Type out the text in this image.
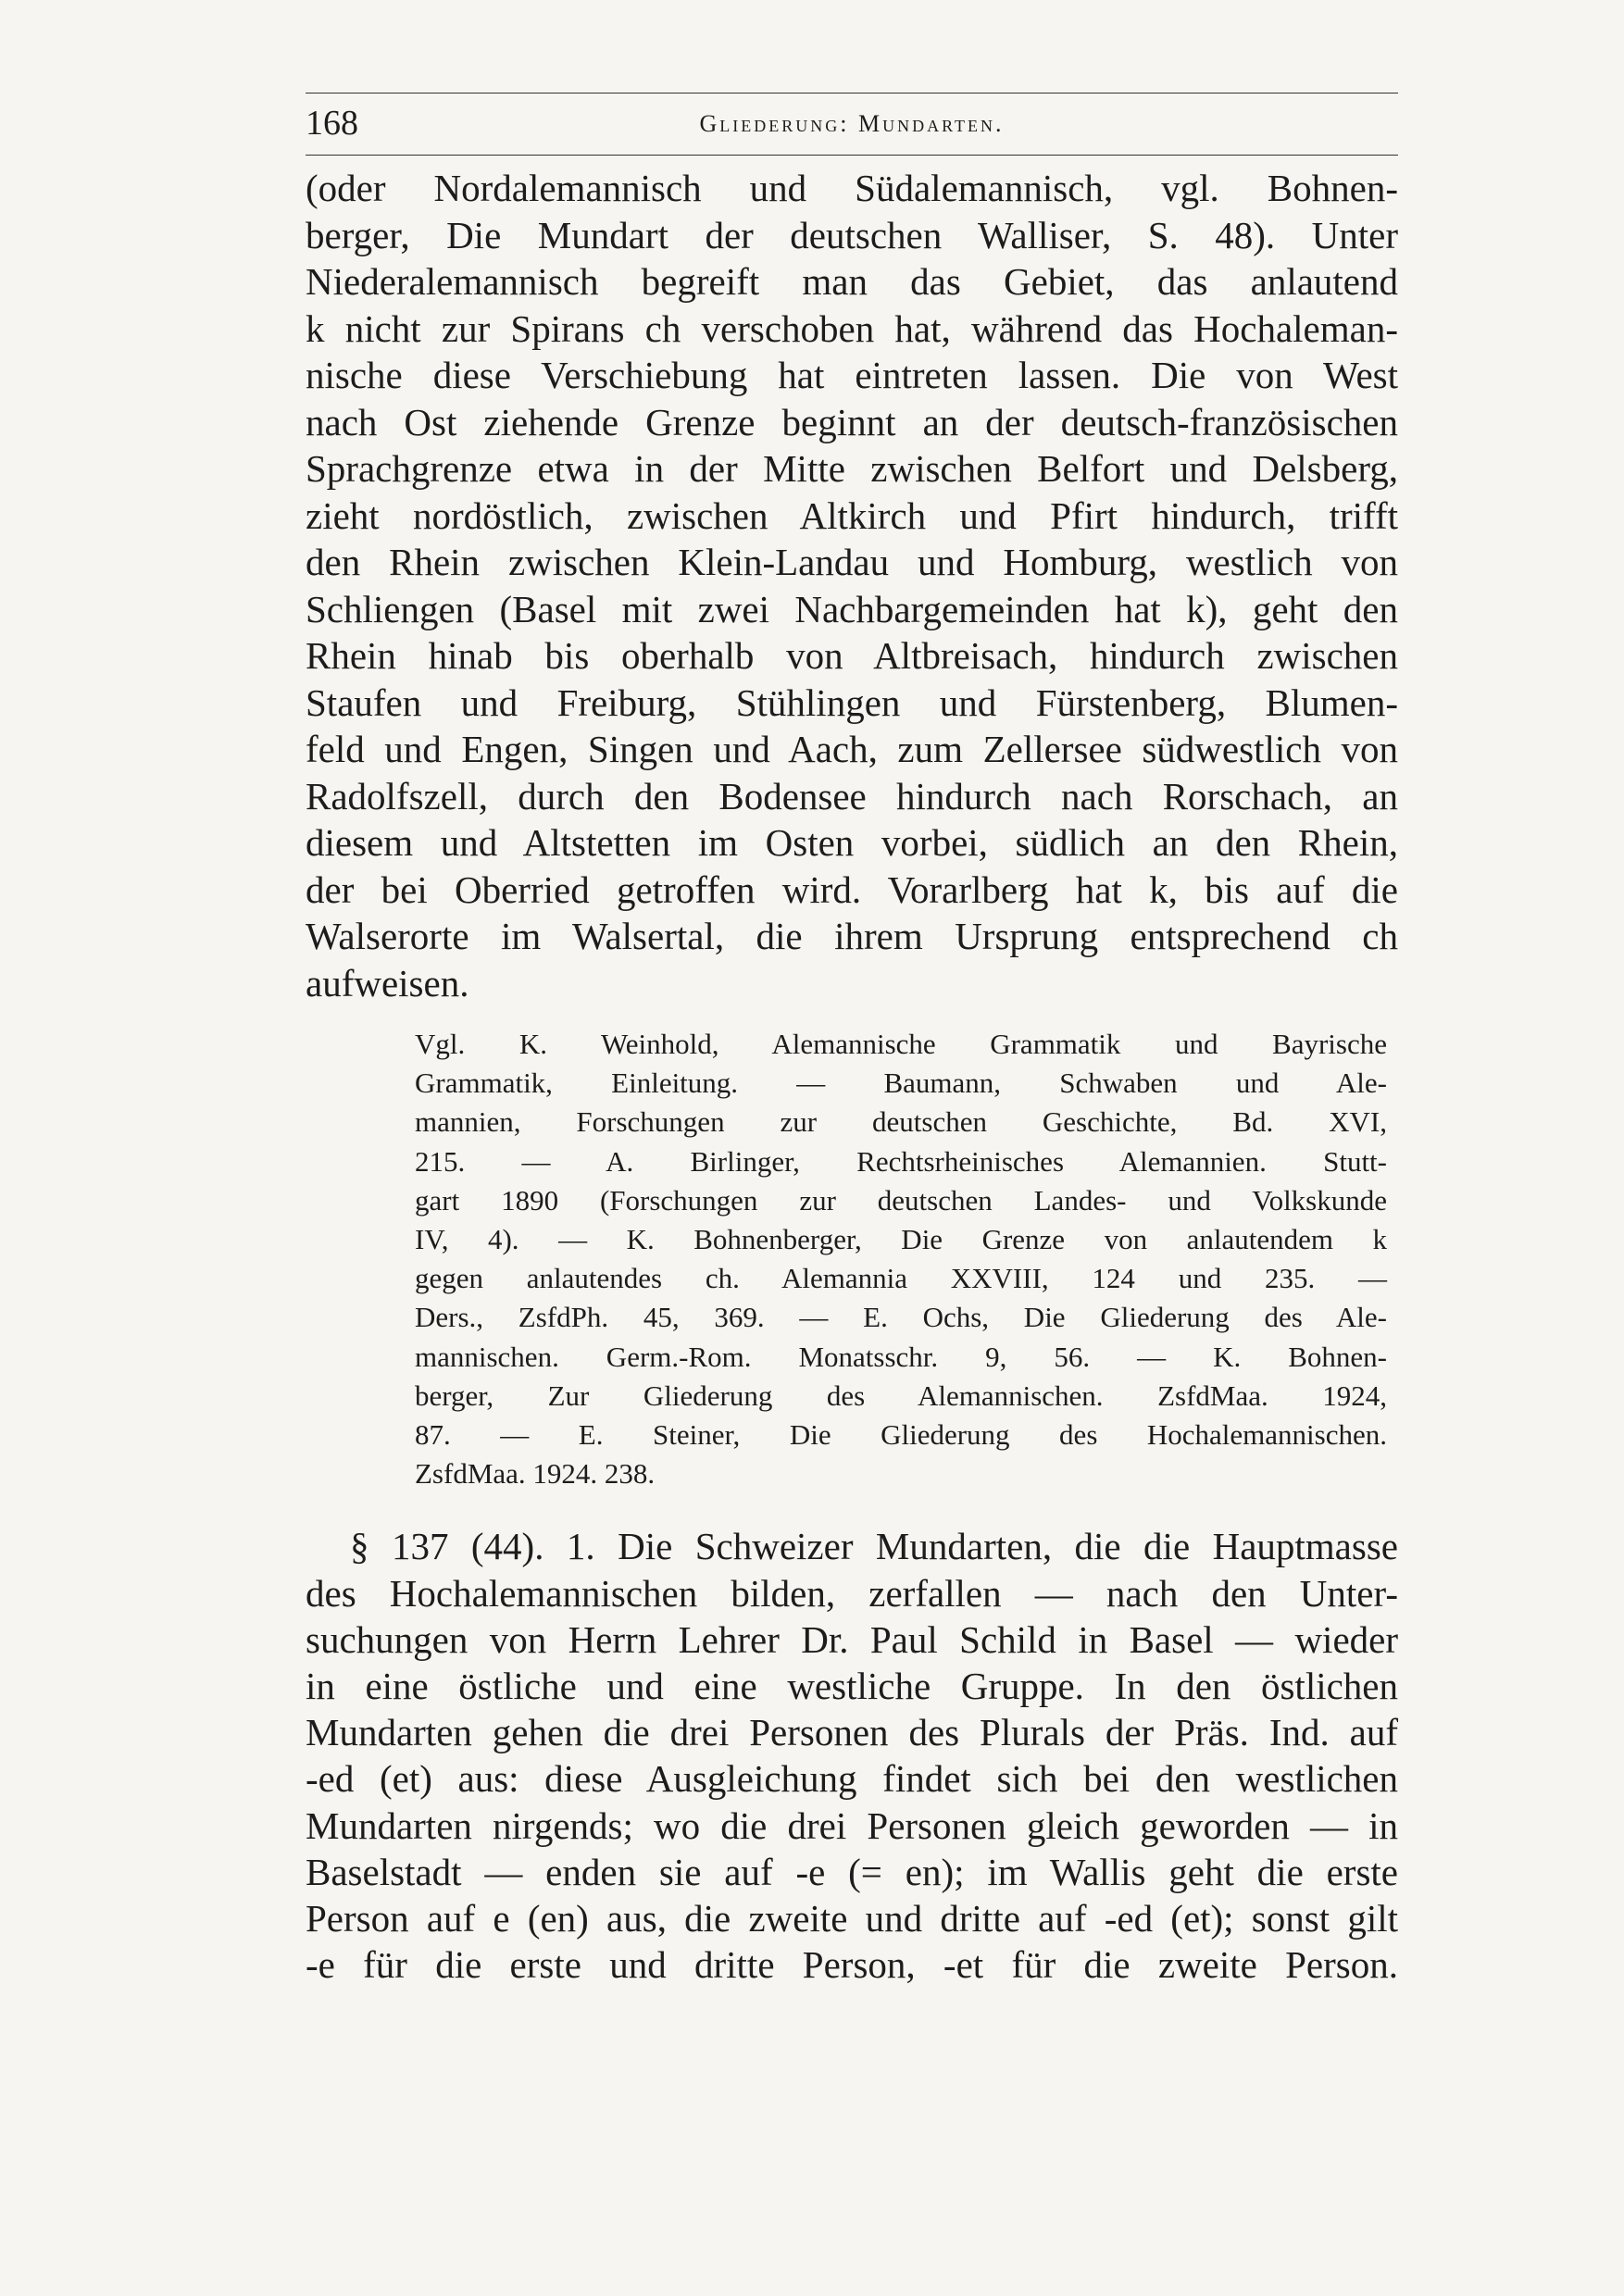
168	Gliederung: Mundarten.
(oder Nordalemannisch und Südalemannisch, vgl. Bohnen-
berger, Die Mundart der deutschen Walliser, S. 48). Unter
Niederalemannisch begreift man das Gebiet, das anlautend
k nicht zur Spirans ch verschoben hat, während das Hochaleman-
nische diese Verschiebung hat eintreten lassen. Die von West
nach Ost ziehende Grenze beginnt an der deutsch-französischen
Sprachgrenze etwa in der Mitte zwischen Belfort und Delsberg,
zieht nordöstlich, zwischen Altkirch und Pfirt hindurch, trifft
den Rhein zwischen Klein-Landau und Homburg, westlich von
Schliengen (Basel mit zwei Nachbargemeinden hat k), geht den
Rhein hinab bis oberhalb von Altbreisach, hindurch zwischen
Staufen und Freiburg, Stühlingen und Fürstenberg, Blumen-
feld und Engen, Singen und Aach, zum Zellersee südwestlich von
Radolfszell, durch den Bodensee hindurch nach Rorschach, an
diesem und Altstetten im Osten vorbei, südlich an den Rhein,
der bei Oberried getroffen wird. Vorarlberg hat k, bis auf die
Walserorte im Walsertal, die ihrem Ursprung entsprechend ch
aufweisen.
Vgl. K. Weinhold, Alemannische Grammatik und Bayrische
Grammatik, Einleitung. — Baumann, Schwaben und Ale-
mannien, Forschungen zur deutschen Geschichte, Bd. XVI,
215. — A. Birlinger, Rechtsrheinisches Alemannien. Stutt-
gart 1890 (Forschungen zur deutschen Landes- und Volkskunde
IV, 4). — K. Bohnenberger, Die Grenze von anlautendem k
gegen anlautendes ch. Alemannia XXVIII, 124 und 235. —
Ders., ZsfdPh. 45, 369. — E. Ochs, Die Gliederung des Ale-
mannischen. Germ.-Rom. Monatsschr. 9, 56. — K. Bohnen-
berger, Zur Gliederung des Alemannischen. ZsfdMaa. 1924,
87. — E. Steiner, Die Gliederung des Hochalemannischen.
ZsfdMaa. 1924. 238.
§ 137 (44). 1. Die Schweizer Mundarten, die die Hauptmasse
des Hochalemannischen bilden, zerfallen — nach den Unter-
suchungen von Herrn Lehrer Dr. Paul Schild in Basel — wieder
in eine östliche und eine westliche Gruppe. In den östlichen
Mundarten gehen die drei Personen des Plurals der Präs. Ind. auf
-ed (et) aus: diese Ausgleichung findet sich bei den westlichen
Mundarten nirgends; wo die drei Personen gleich geworden — in
Baselstadt — enden sie auf -e (= en); im Wallis geht die erste
Person auf e (en) aus, die zweite und dritte auf -ed (et); sonst gilt
-e für die erste und dritte Person, -et für die zweite Person.
